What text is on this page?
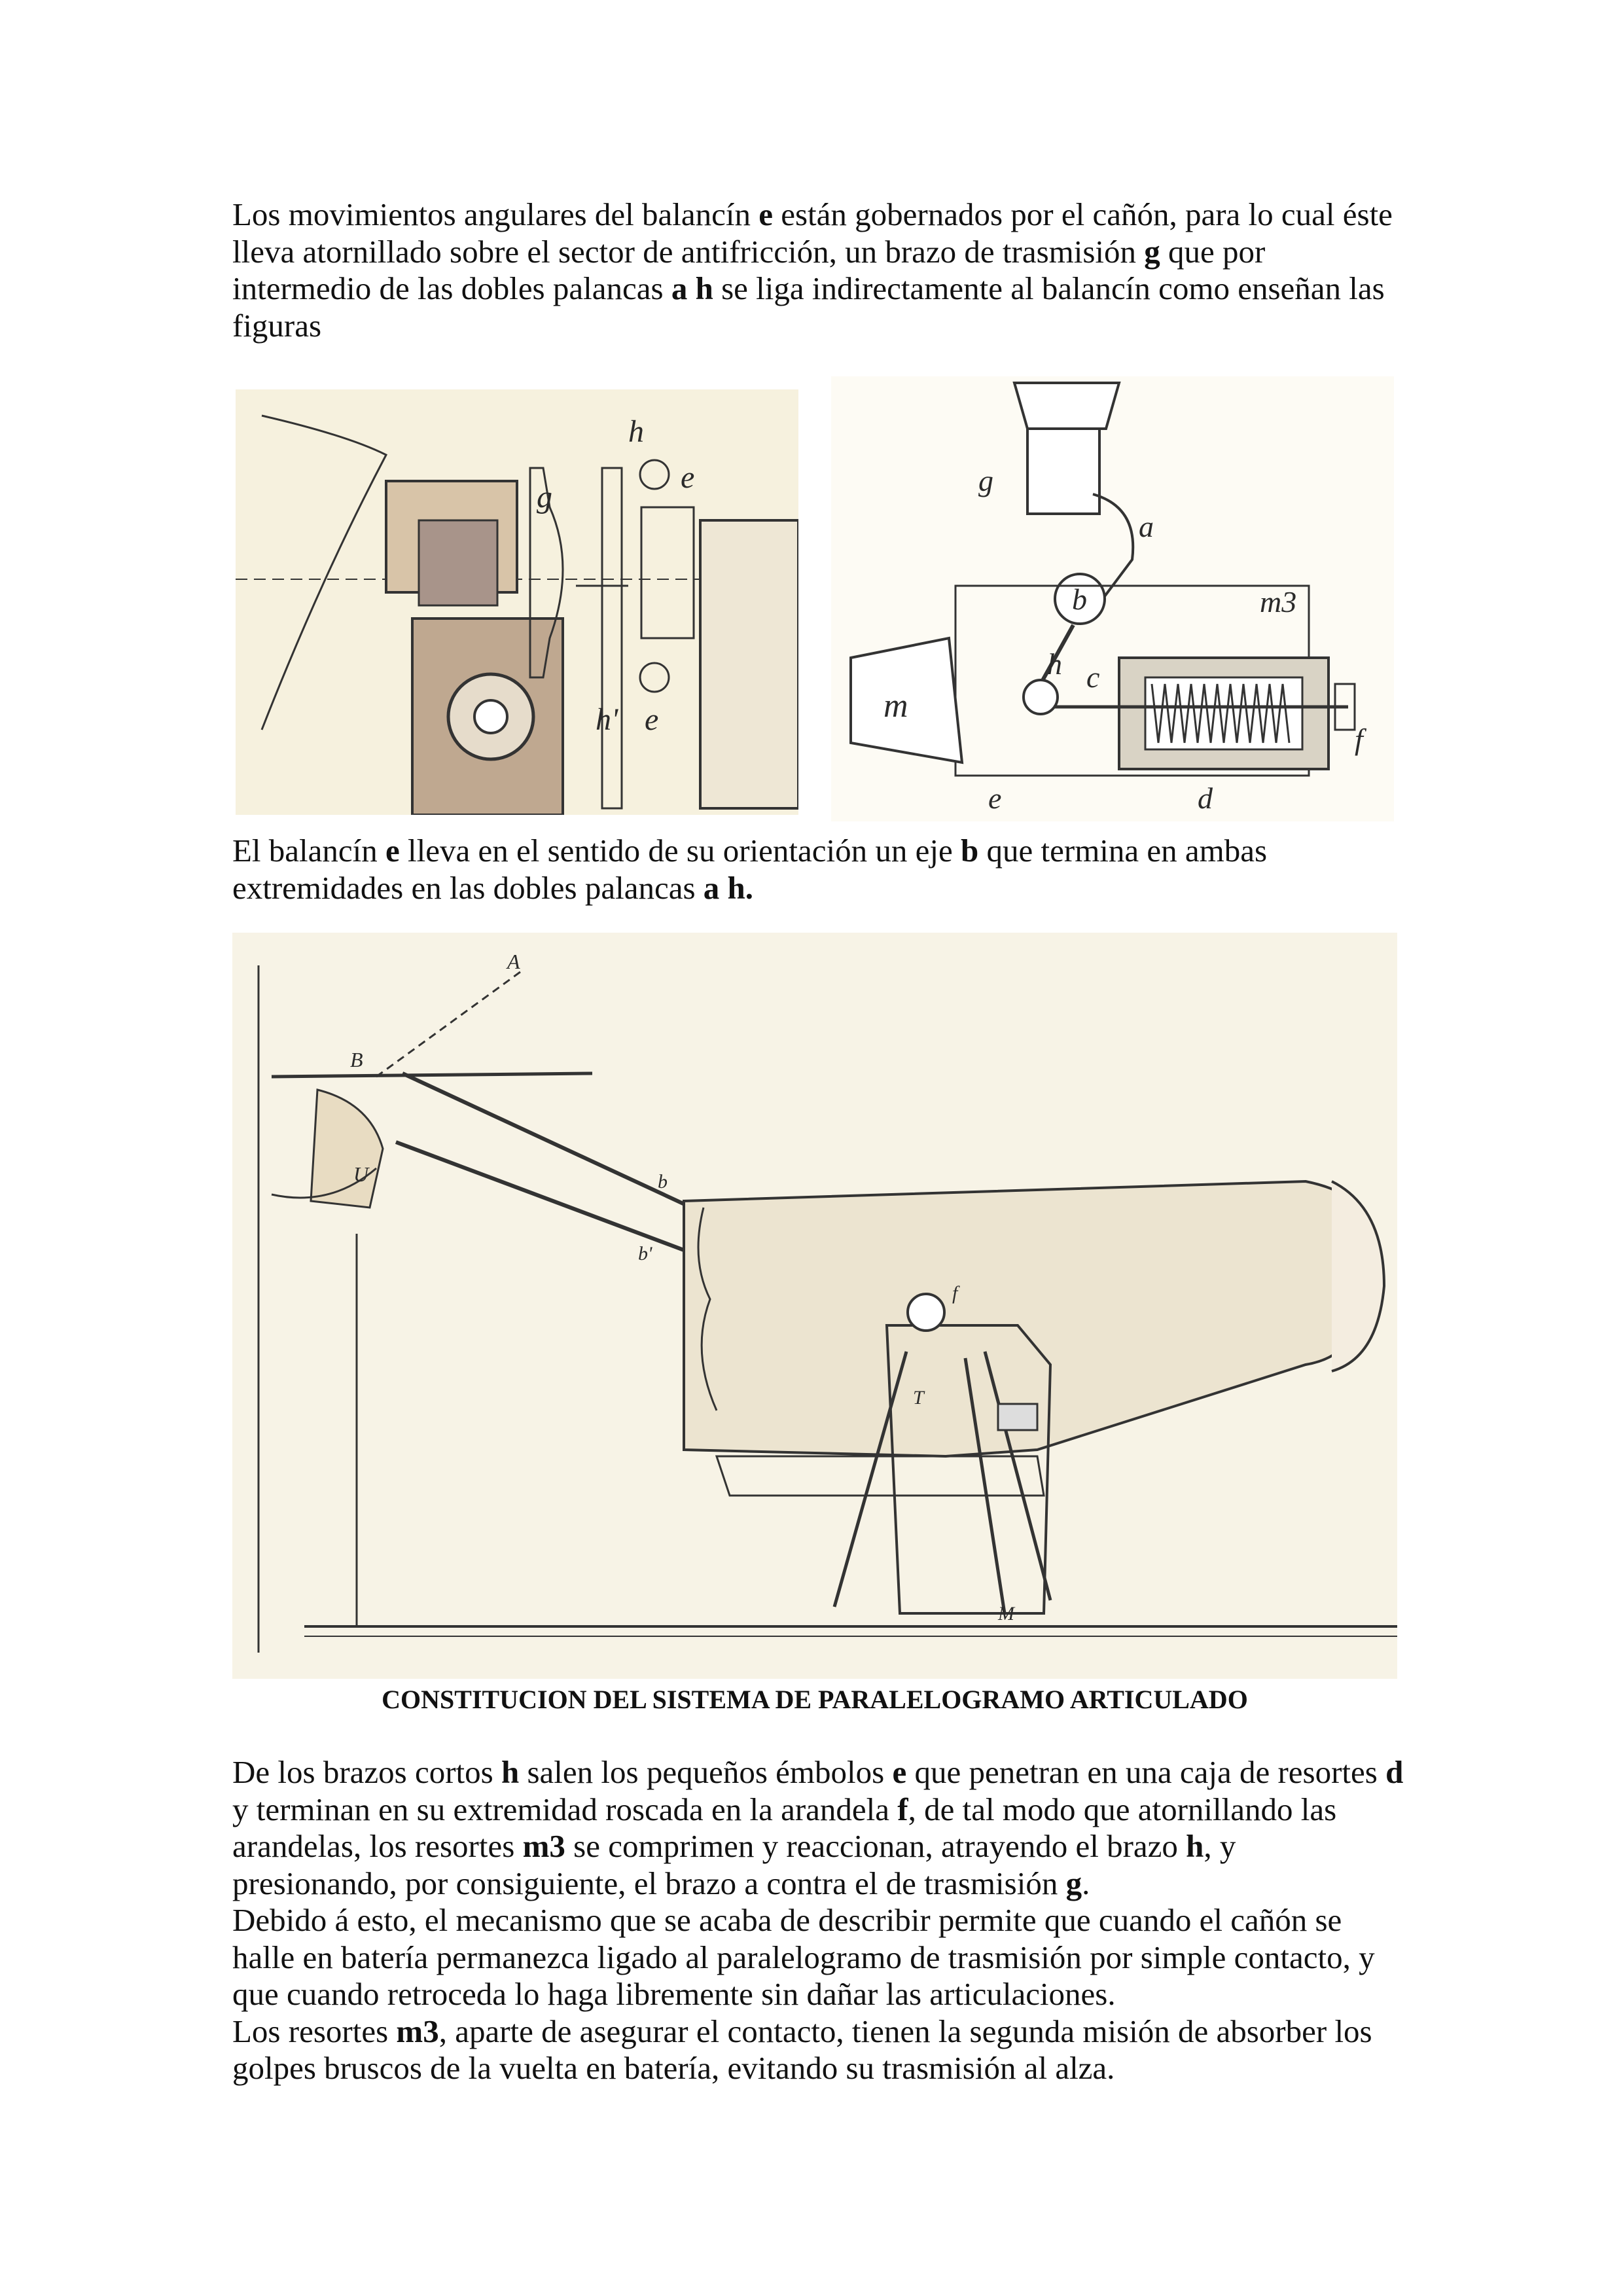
Los movimientos angulares del balancín e están gobernados por el cañón, para lo cual éste lleva atornillado sobre el sector de antifricción, un brazo de trasmisión g que por intermedio de las dobles palancas a h se liga indirectamente al balancín como enseñan las figuras

h
g
e
h' e
g
a
b	m3
h c
m
f
e	d

El balancín e lleva en el sentido de su orientación un eje b que termina en ambas extremidades en las dobles palancas a h.

B
A
U	b
b'
f
T
M

CONSTITUCION DEL SISTEMA DE PARALELOGRAMO ARTICULADO

De los brazos cortos h salen los pequeños émbolos e que penetran en una caja de resortes d y terminan en su extremidad roscada en la arandela f, de tal modo que atornillando las arandelas, los resortes m3 se comprimen y reaccionan, atrayendo el brazo h, y presionando, por consiguiente, el brazo a contra el de trasmisión g.
Debido á esto, el mecanismo que se acaba de describir permite que cuando el cañón se halle en batería permanezca ligado al paralelogramo de trasmisión por simple contacto, y que cuando retroceda lo haga libremente sin dañar las articulaciones.
Los resortes m3, aparte de asegurar el contacto, tienen la segunda misión de absorber los golpes bruscos de la vuelta en batería, evitando su trasmisión al alza.
